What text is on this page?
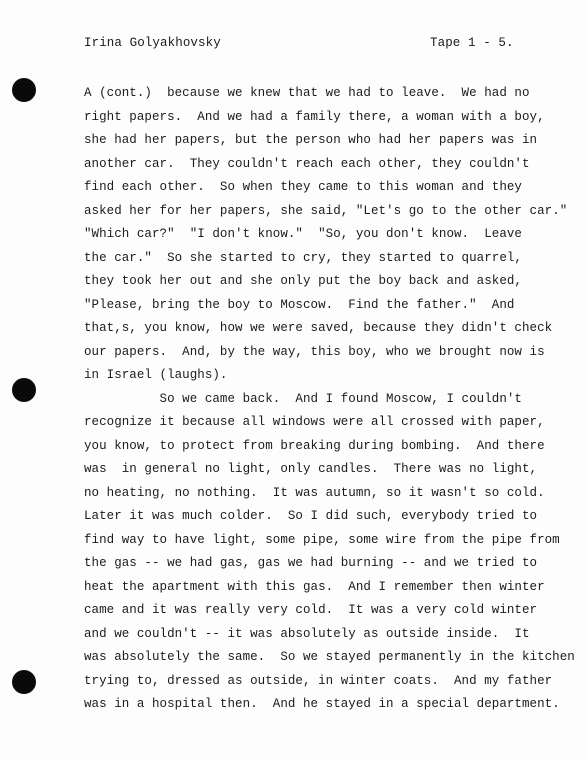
Irina Golyakhovsky	Tape 1 - 5.
A (cont.)  because we knew that we had to leave.  We had no
right papers.  And we had a family there, a woman with a boy,
she had her papers, but the person who had her papers was in
another car.  They couldn't reach each other, they couldn't
find each other.  So when they came to this woman and they
asked her for her papers, she said, "Let's go to the other car."
"Which car?"  "I don't know."  "So, you don't know.  Leave
the car."  So she started to cry, they started to quarrel,
they took her out and she only put the boy back and asked,
"Please, bring the boy to Moscow.  Find the father."  And
that,s, you know, how we were saved, because they didn't check
our papers.  And, by the way, this boy, who we brought now is
in Israel (laughs).
So we came back.  And I found Moscow, I couldn't
recognize it because all windows were all crossed with paper,
you know, to protect from breaking during bombing.  And there
was  in general no light, only candles.  There was no light,
no heating, no nothing.  It was autumn, so it wasn't so cold.
Later it was much colder.  So I did such, everybody tried to
find way to have light, some pipe, some wire from the pipe from
the gas -- we had gas, gas we had burning -- and we tried to
heat the apartment with this gas.  And I remember then winter
came and it was really very cold.  It was a very cold winter
and we couldn't -- it was absolutely as outside inside.  It
was absolutely the same.  So we stayed permanently in the kitchen
trying to, dressed as outside, in winter coats.  And my father
was in a hospital then.  And he stayed in a special department.
